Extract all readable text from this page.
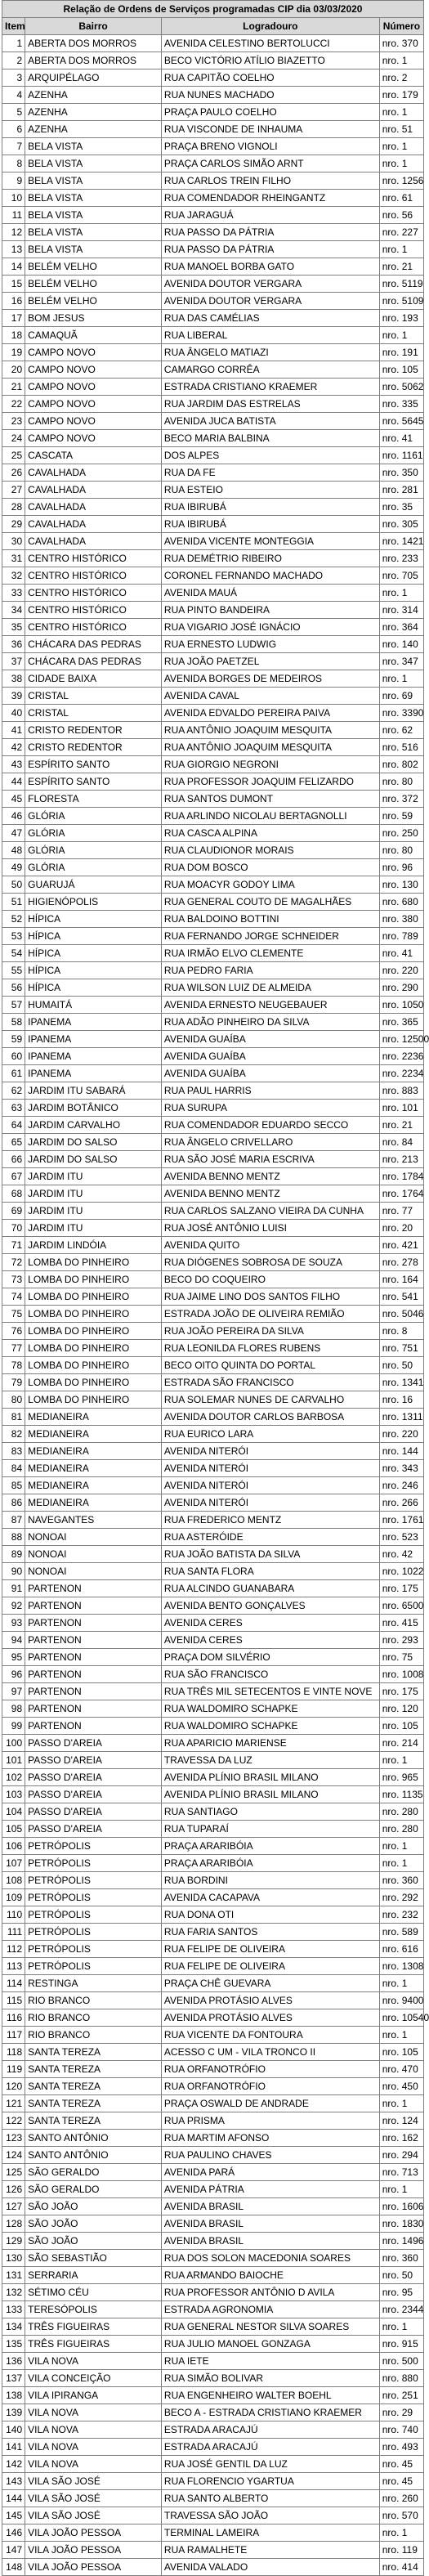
Relação de Ordens de Serviços programadas CIP dia 03/03/2020			
Item	Bairro	Logradouro	Número
1	ABERTA DOS MORROS	AVENIDA CELESTINO BERTOLUCCI	nro. 370
2	ABERTA DOS MORROS	BECO VICTÓRIO ATÍLIO BIAZETTO	nro. 1
3	ARQUIPÉLAGO	RUA CAPITÃO COELHO	nro. 2
4	AZENHA	RUA NUNES MACHADO	nro. 179
5	AZENHA	PRAÇA PAULO COELHO	nro. 1
6	AZENHA	RUA VISCONDE DE INHAUMA	nro. 51
7	BELA VISTA	PRAÇA BRENO VIGNOLI	nro. 1
8	BELA VISTA	PRAÇA CARLOS SIMÃO ARNT	nro. 1
9	BELA VISTA	RUA CARLOS TREIN FILHO	nro. 1256
10	BELA VISTA	RUA COMENDADOR RHEINGANTZ	nro. 61
11	BELA VISTA	RUA JARAGUÁ	nro. 56
12	BELA VISTA	RUA PASSO DA PÁTRIA	nro. 227
13	BELA VISTA	RUA PASSO DA PÁTRIA	nro. 1
14	BELÉM VELHO	RUA MANOEL BORBA GATO	nro. 21
15	BELÉM VELHO	AVENIDA DOUTOR VERGARA	nro. 5119
16	BELÉM VELHO	AVENIDA DOUTOR VERGARA	nro. 5109
17	BOM JESUS	RUA DAS CAMÉLIAS	nro. 193
18	CAMAQUÃ	RUA LIBERAL	nro. 1
19	CAMPO NOVO	RUA ÂNGELO MATIAZI	nro. 191
20	CAMPO NOVO	CAMARGO CORRÊA	nro. 105
21	CAMPO NOVO	ESTRADA CRISTIANO KRAEMER	nro. 5062
22	CAMPO NOVO	RUA JARDIM DAS ESTRELAS	nro. 335
23	CAMPO NOVO	AVENIDA JUCA BATISTA	nro. 5645
24	CAMPO NOVO	BECO MARIA BALBINA	nro. 41
25	CASCATA	DOS ALPES	nro. 1161
26	CAVALHADA	RUA DA FE	nro. 350
27	CAVALHADA	RUA ESTEIO	nro. 281
28	CAVALHADA	RUA IBIRUBÁ	nro. 35
29	CAVALHADA	RUA IBIRUBÁ	nro. 305
30	CAVALHADA	AVENIDA VICENTE MONTEGGIA	nro. 1421
31	CENTRO HISTÓRICO	RUA DEMÉTRIO RIBEIRO	nro. 233
32	CENTRO HISTÓRICO	CORONEL FERNANDO MACHADO	nro. 705
33	CENTRO HISTÓRICO	AVENIDA MAUÁ	nro. 1
34	CENTRO HISTÓRICO	RUA PINTO BANDEIRA	nro. 314
35	CENTRO HISTÓRICO	RUA VIGARIO JOSÉ IGNÁCIO	nro. 364
36	CHÁCARA DAS PEDRAS	RUA ERNESTO LUDWIG	nro. 140
37	CHÁCARA DAS PEDRAS	RUA JOÃO PAETZEL	nro. 347
38	CIDADE BAIXA	AVENIDA BORGES DE MEDEIROS	nro. 1
39	CRISTAL	AVENIDA CAVAL	nro. 69
40	CRISTAL	AVENIDA EDVALDO PEREIRA PAIVA	nro. 3390
41	CRISTO REDENTOR	RUA ANTÔNIO JOAQUIM MESQUITA	nro. 62
42	CRISTO REDENTOR	RUA ANTÔNIO JOAQUIM MESQUITA	nro. 516
43	ESPÍRITO SANTO	RUA GIORGIO NEGRONI	nro. 802
44	ESPÍRITO SANTO	RUA PROFESSOR JOAQUIM FELIZARDO	nro. 80
45	FLORESTA	RUA SANTOS DUMONT	nro. 372
46	GLÓRIA	RUA ARLINDO NICOLAU BERTAGNOLLI	nro. 59
47	GLÓRIA	RUA CASCA ALPINA	nro. 250
48	GLÓRIA	RUA CLAUDIONOR MORAIS	nro. 80
49	GLÓRIA	RUA DOM BOSCO	nro. 96
50	GUARUJÁ	RUA MOACYR GODOY LIMA	nro. 130
51	HIGIENÓPOLIS	RUA GENERAL COUTO DE MAGALHÃES	nro. 680
52	HÍPICA	RUA BALDOINO BOTTINI	nro. 380
53	HÍPICA	RUA FERNANDO JORGE SCHNEIDER	nro. 789
54	HÍPICA	RUA IRMÃO ELVO CLEMENTE	nro. 41
55	HÍPICA	RUA PEDRO FARIA	nro. 220
56	HÍPICA	RUA WILSON LUIZ DE ALMEIDA	nro. 290
57	HUMAITÁ	AVENIDA ERNESTO NEUGEBAUER	nro. 1050
58	IPANEMA	RUA ADÃO PINHEIRO DA SILVA	nro. 365
59	IPANEMA	AVENIDA GUAÍBA	nro. 12500
60	IPANEMA	AVENIDA GUAÍBA	nro. 2236
61	IPANEMA	AVENIDA GUAÍBA	nro. 2234
62	JARDIM ITU SABARÁ	RUA PAUL HARRIS	nro. 883
63	JARDIM BOTÂNICO	RUA SURUPA	nro. 101
64	JARDIM CARVALHO	RUA COMENDADOR EDUARDO SECCO	nro. 21
65	JARDIM DO SALSO	RUA ÂNGELO CRIVELLARO	nro. 84
66	JARDIM DO SALSO	RUA SÃO JOSÉ MARIA ESCRIVA	nro. 213
67	JARDIM ITU	AVENIDA BENNO MENTZ	nro. 1784
68	JARDIM ITU	AVENIDA BENNO MENTZ	nro. 1764
69	JARDIM ITU	RUA CARLOS SALZANO VIEIRA DA CUNHA	nro. 77
70	JARDIM ITU	RUA JOSÉ ANTÔNIO LUISI	nro. 20
71	JARDIM LINDÓIA	AVENIDA QUITO	nro. 421
72	LOMBA DO PINHEIRO	RUA DIÓGENES SOBROSA DE SOUZA	nro. 278
73	LOMBA DO PINHEIRO	BECO DO COQUEIRO	nro. 164
74	LOMBA DO PINHEIRO	RUA JAIME LINO DOS SANTOS FILHO	nro. 541
75	LOMBA DO PINHEIRO	ESTRADA JOÃO DE OLIVEIRA REMIÃO	nro. 5046
76	LOMBA DO PINHEIRO	RUA JOÃO PEREIRA DA SILVA	nro. 8
77	LOMBA DO PINHEIRO	RUA LEONILDA FLORES RUBENS	nro. 751
78	LOMBA DO PINHEIRO	BECO OITO QUINTA DO PORTAL	nro. 50
79	LOMBA DO PINHEIRO	ESTRADA SÃO FRANCISCO	nro. 1341
80	LOMBA DO PINHEIRO	RUA SOLEMAR NUNES DE CARVALHO	nro. 16
81	MEDIANEIRA	AVENIDA DOUTOR CARLOS BARBOSA	nro. 1311
82	MEDIANEIRA	RUA EURICO LARA	nro. 220
83	MEDIANEIRA	AVENIDA NITERÓI	nro. 144
84	MEDIANEIRA	AVENIDA NITERÓI	nro. 343
85	MEDIANEIRA	AVENIDA NITERÓI	nro. 246
86	MEDIANEIRA	AVENIDA NITERÓI	nro. 266
87	NAVEGANTES	RUA FREDERICO MENTZ	nro. 1761
88	NONOAI	RUA ASTERÓIDE	nro. 523
89	NONOAI	RUA JOÃO BATISTA DA SILVA	nro. 42
90	NONOAI	RUA SANTA FLORA	nro. 1022
91	PARTENON	RUA ALCINDO GUANABARA	nro. 175
92	PARTENON	AVENIDA BENTO GONÇALVES	nro. 6500
93	PARTENON	AVENIDA CERES	nro. 415
94	PARTENON	AVENIDA CERES	nro. 293
95	PARTENON	PRAÇA DOM SILVÉRIO	nro. 75
96	PARTENON	RUA SÃO FRANCISCO	nro. 1008
97	PARTENON	RUA TRÊS MIL SETECENTOS E VINTE NOVE	nro. 175
98	PARTENON	RUA WALDOMIRO SCHAPKE	nro. 120
99	PARTENON	RUA WALDOMIRO SCHAPKE	nro. 105
100	PASSO D'AREIA	RUA APARICIO MARIENSE	nro. 214
101	PASSO D'AREIA	TRAVESSA DA LUZ	nro. 1
102	PASSO D'AREIA	AVENIDA PLÍNIO BRASIL MILANO	nro. 965
103	PASSO D'AREIA	AVENIDA PLÍNIO BRASIL MILANO	nro. 1135
104	PASSO D'AREIA	RUA SANTIAGO	nro. 280
105	PASSO D'AREIA	RUA TUPARAÍ	nro. 280
106	PETRÓPOLIS	PRAÇA ARARIBÓIA	nro. 1
107	PETRÓPOLIS	PRAÇA ARARIBÓIA	nro. 1
108	PETRÓPOLIS	RUA BORDINI	nro. 360
109	PETRÓPOLIS	AVENIDA CACAPAVA	nro. 292
110	PETRÓPOLIS	RUA DONA OTI	nro. 232
111	PETRÓPOLIS	RUA FARIA SANTOS	nro. 589
112	PETRÓPOLIS	RUA FELIPE DE OLIVEIRA	nro. 616
113	PETRÓPOLIS	RUA FELIPE DE OLIVEIRA	nro. 1308
114	RESTINGA	PRAÇA CHÊ GUEVARA	nro. 1
115	RIO BRANCO	AVENIDA PROTÁSIO ALVES	nro. 9400
116	RIO BRANCO	AVENIDA PROTÁSIO ALVES	nro. 10540
117	RIO BRANCO	RUA VICENTE DA FONTOURA	nro. 1
118	SANTA TEREZA	ACESSO C UM - VILA TRONCO II	nro. 105
119	SANTA TEREZA	RUA ORFANOTRÓFIO	nro. 470
120	SANTA TEREZA	RUA ORFANOTRÓFIO	nro. 450
121	SANTA TEREZA	PRAÇA OSWALD DE ANDRADE	nro. 1
122	SANTA TEREZA	RUA PRISMA	nro. 124
123	SANTO ANTÔNIO	RUA MARTIM AFONSO	nro. 162
124	SANTO ANTÔNIO	RUA PAULINO CHAVES	nro. 294
125	SÃO GERALDO	AVENIDA PARÁ	nro. 713
126	SÃO GERALDO	AVENIDA PÁTRIA	nro. 1
127	SÃO JOÃO	AVENIDA BRASIL	nro. 1606
128	SÃO JOÃO	AVENIDA BRASIL	nro. 1830
129	SÃO JOÃO	AVENIDA BRASIL	nro. 1496
130	SÃO SEBASTIÃO	RUA DOS SOLON MACEDONIA SOARES	nro. 360
131	SERRARIA	RUA ARMANDO BAIOCHE	nro. 50
132	SÉTIMO CÉU	RUA PROFESSOR ANTÔNIO D AVILA	nro. 95
133	TERESÓPOLIS	ESTRADA AGRONOMIA	nro. 2344
134	TRÊS FIGUEIRAS	RUA GENERAL NESTOR SILVA SOARES	nro. 1
135	TRÊS FIGUEIRAS	RUA JULIO MANOEL GONZAGA	nro. 915
136	VILA NOVA	RUA IETE	nro. 500
137	VILA CONCEIÇÃO	RUA SIMÃO BOLIVAR	nro. 880
138	VILA IPIRANGA	RUA ENGENHEIRO WALTER BOEHL	nro. 251
139	VILA NOVA	BECO A - ESTRADA CRISTIANO KRAEMER	nro. 29
140	VILA NOVA	ESTRADA ARACAJÚ	nro. 740
141	VILA NOVA	ESTRADA ARACAJÚ	nro. 493
142	VILA NOVA	RUA JOSÉ GENTIL DA LUZ	nro. 45
143	VILA SÃO JOSÉ	RUA FLORENCIO YGARTUA	nro. 45
144	VILA SÃO JOSÉ	RUA SANTO ALBERTO	nro. 260
145	VILA SÃO JOSÉ	TRAVESSA SÃO JOÃO	nro. 570
146	VILA JOÃO PESSOA	TERMINAL LAMEIRA	nro. 1
147	VILA JOÃO PESSOA	RUA RAMALHETE	nro. 119
148	VILA JOÃO PESSOA	AVENIDA VALADO	nro. 414
